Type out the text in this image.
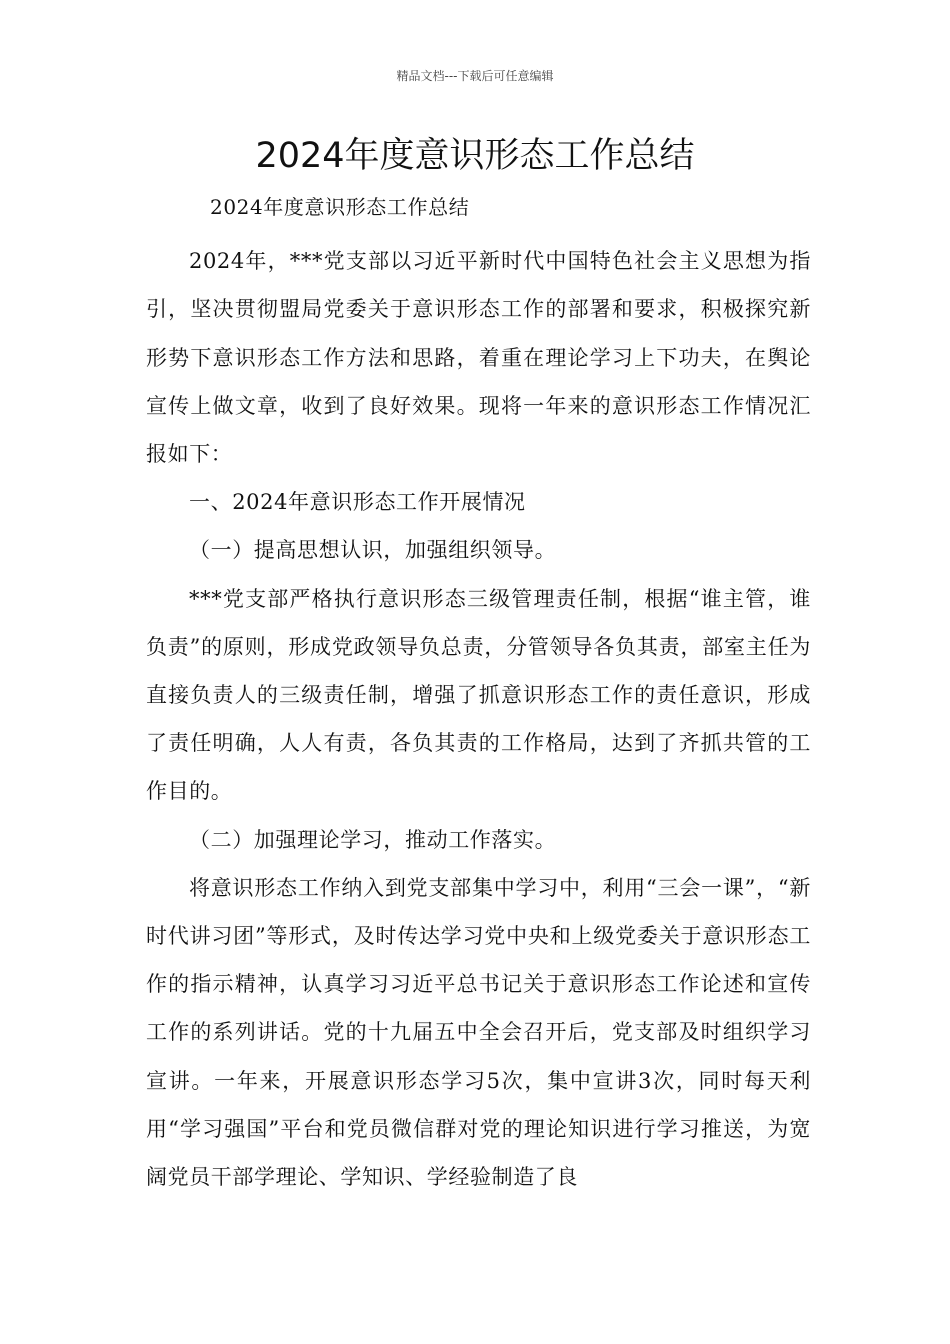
精品文档---下载后可任意编辑
2024年度意识形态工作总结

2024年度意识形态工作总结

2024年，***党支部以习近平新时代中国特色社会主义思想为指引，坚决贯彻盟局党委关于意识形态工作的部署和要求，积极探究新形势下意识形态工作方法和思路，着重在理论学习上下功夫，在舆论宣传上做文章，收到了良好效果。现将一年来的意识形态工作情况汇报如下：

一、2024年意识形态工作开展情况

（一）提高思想认识，加强组织领导。

***党支部严格执行意识形态三级管理责任制，根据“谁主管，谁负责”的原则，形成党政领导负总责，分管领导各负其责，部室主任为直接负责人的三级责任制，增强了抓意识形态工作的责任意识，形成了责任明确，人人有责，各负其责的工作格局，达到了齐抓共管的工作目的。

（二）加强理论学习，推动工作落实。

将意识形态工作纳入到党支部集中学习中，利用“三会一课”，“新时代讲习团”等形式，及时传达学习党中央和上级党委关于意识形态工作的指示精神，认真学习习近平总书记关于意识形态工作论述和宣传工作的系列讲话。党的十九届五中全会召开后，党支部及时组织学习宣讲。一年来，开展意识形态学习5次，集中宣讲3次，同时每天利用“学习强国”平台和党员微信群对党的理论知识进行学习推送，为宽阔党员干部学理论、学知识、学经验制造了良
